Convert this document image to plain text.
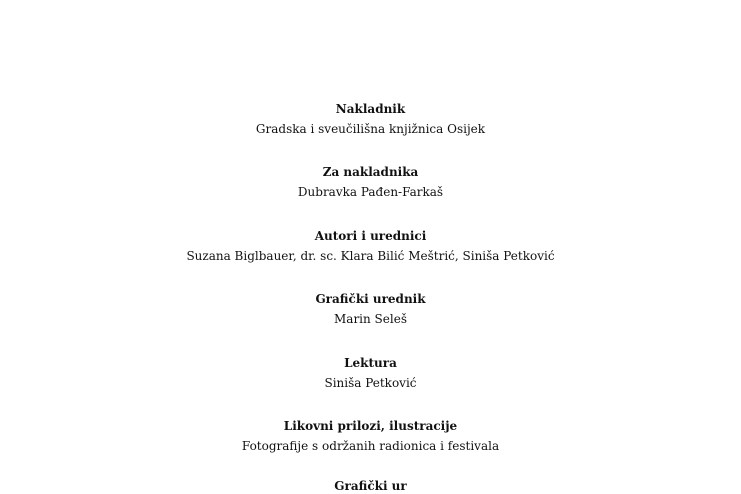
Nakladnik
Gradska i sveučilišna knjižnica Osijek
Za nakladnika
Dubravka Pađen-Farkaš
Autori i urednici
Suzana Biglbauer, dr. sc. Klara Bilić Meštrić, Siniša Petković
Grafički urednik
Marin Seleš
Lektura
Siniša Petković
Likovni prilozi, ilustracije
Fotografije s održanih radionica i festivala
Grafički ur
